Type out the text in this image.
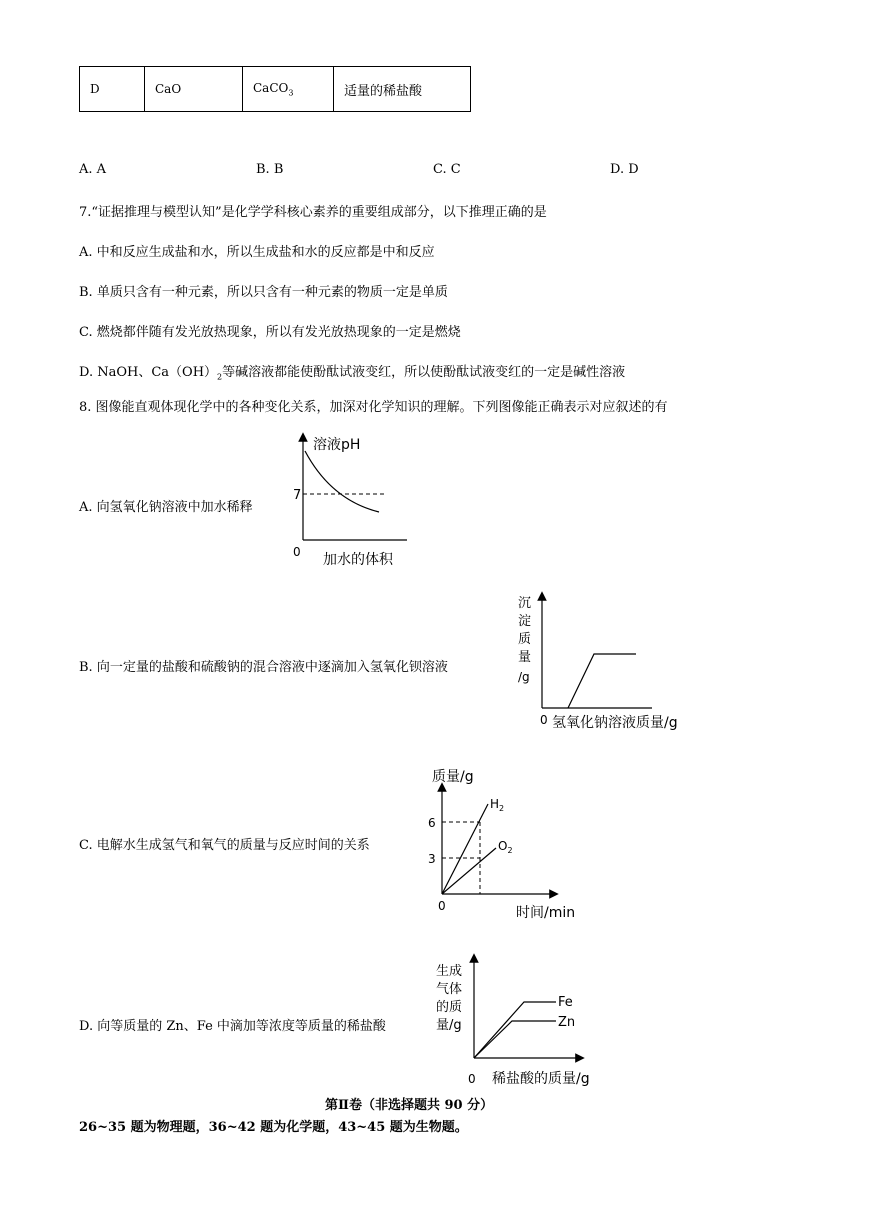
D	CaO	CaCO$_3$	适量的稀盐酸
A. A	B. B	C. C	D. D
7.“证据推理与模型认知”是化学学科核心素养的重要组成部分，以下推理正确的是
A. 中和反应生成盐和水，所以生成盐和水的反应都是中和反应
B. 单质只含有一种元素，所以只含有一种元素的物质一定是单质
C. 燃烧都伴随有发光放热现象，所以有发光放热现象的一定是燃烧
D. NaOH、$Ca(OH)_2$等碱溶液都能使酚酞试液变红，所以使酚酞试液变红的一定是碱性溶液
8. 图像能直观体现化学中的各种变化关系，加深对化学知识的理解。下列图像能正确表示对应叙述的有
A. 向氢氧化钠溶液中加水稀释
溶液pH
7
0 加水的体积
B. 向一定量的盐酸和硫酸钠的混合溶液中逐滴加入氢氧化钡溶液
沉
淀
质
量
/g
0 氢氧化钠溶液质量/g
C. 电解水生成氢气和氧气的质量与反应时间的关系
质量/g
6
3
$H_2$
$O_2$
0	时间/min
D. 向等质量的 Zn、Fe 中滴加等浓度等质量的稀盐酸
生成
气体
的质
量/g
Fe
Zn
0 稀盐酸的质量/g
第Ⅱ卷（非选择题共 90 分）
26~35 题为物理题，36~42 题为化学题，43~45 题为生物题。
